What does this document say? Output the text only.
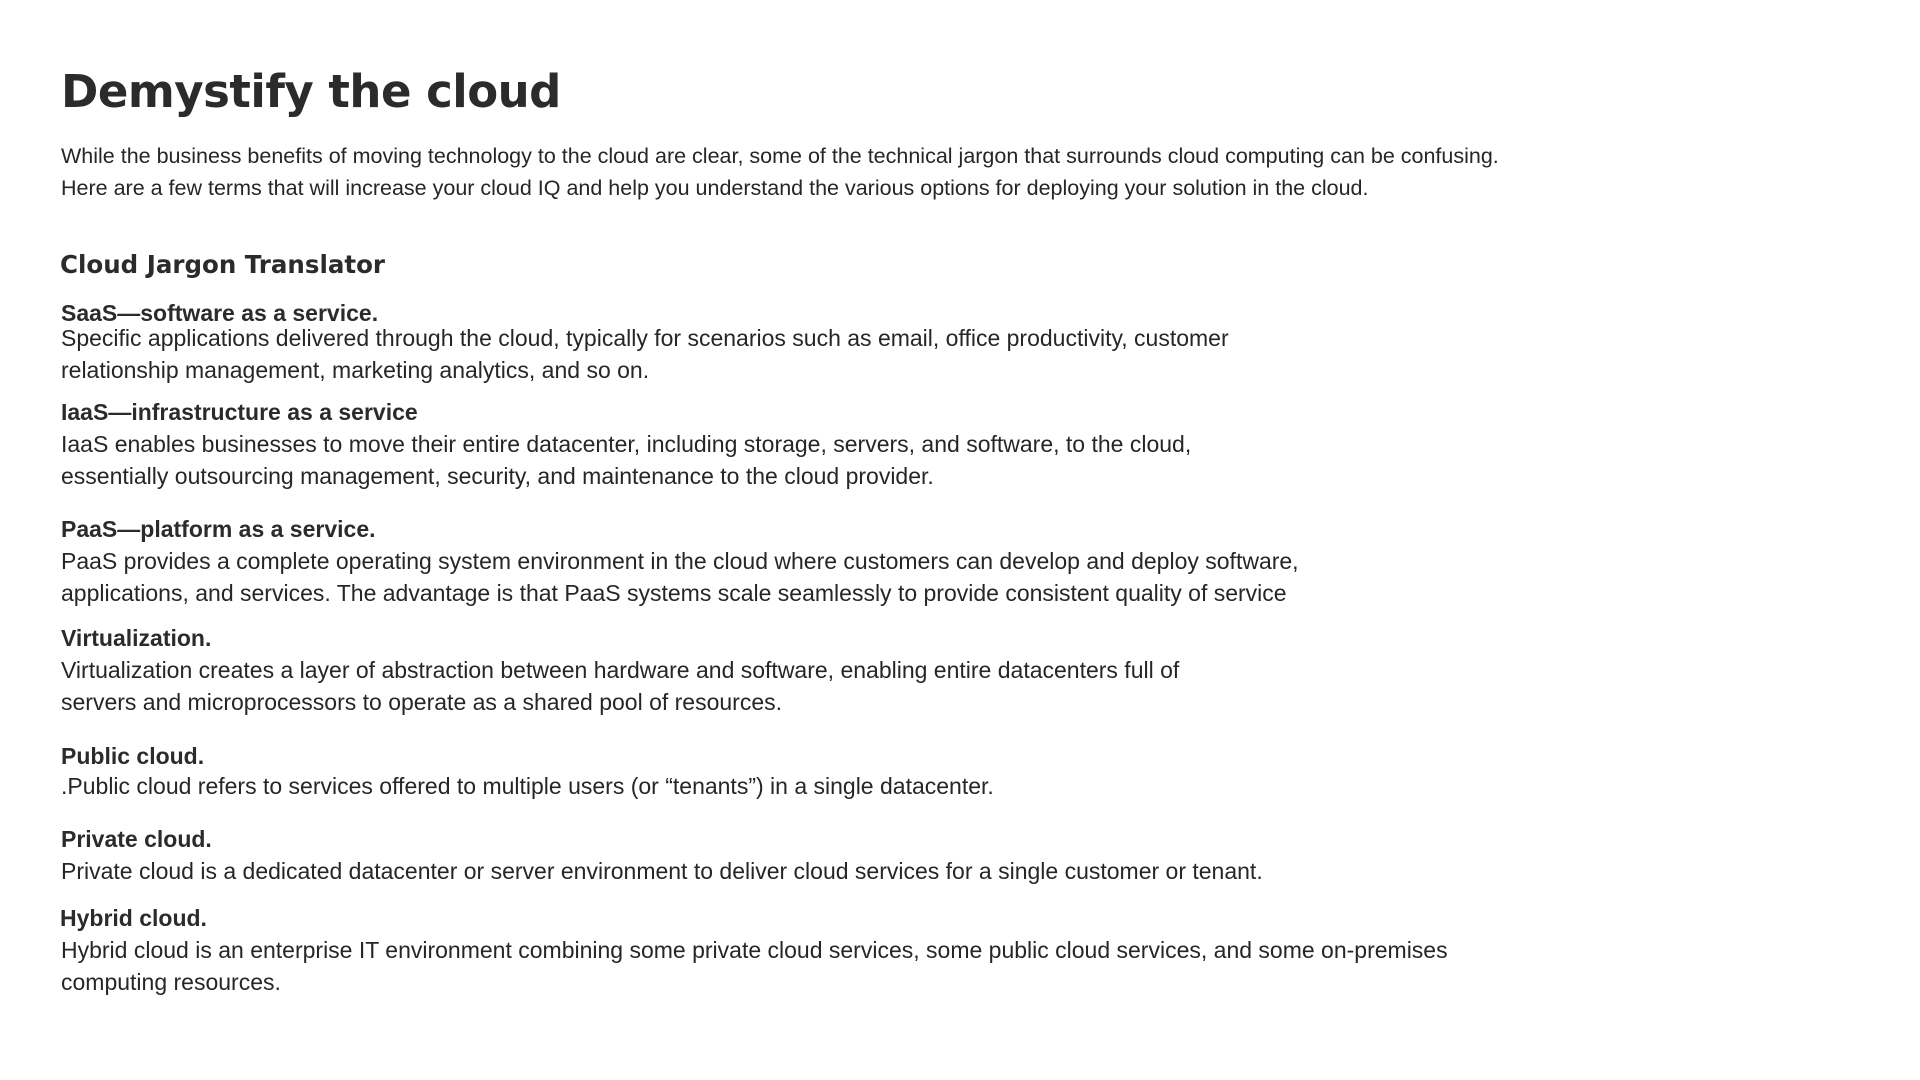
Demystify the cloud

While the business benefits of moving technology to the cloud are clear, some of the technical jargon that surrounds cloud computing can be confusing.
Here are a few terms that will increase your cloud IQ and help you understand the various options for deploying your solution in the cloud.

Cloud Jargon Translator
SaaS—software as a service.

Specific applications delivered through the cloud, typically for scenarios such as email, office productivity, customer
relationship management, marketing analytics, and so on.

IaaS—infrastructure as a service

IaaS enables businesses to move their entire datacenter, including storage, servers, and software, to the cloud,
essentially outsourcing management, security, and maintenance to the cloud provider.

PaaS—platform as a service.

PaaS provides a complete operating system environment in the cloud where customers can develop and deploy software,
applications, and services. The advantage is that PaaS systems scale seamlessly to provide consistent quality of service

Virtualization.

Virtualization creates a layer of abstraction between hardware and software, enabling entire datacenters full of
servers and microprocessors to operate as a shared pool of resources.

Public cloud.

.Public cloud refers to services offered to multiple users (or “tenants”) in a single datacenter.

Private cloud.

Private cloud is a dedicated datacenter or server environment to deliver cloud services for a single customer or tenant.

Hybrid cloud.

Hybrid cloud is an enterprise IT environment combining some private cloud services, some public cloud services, and some on-premises
computing resources.
